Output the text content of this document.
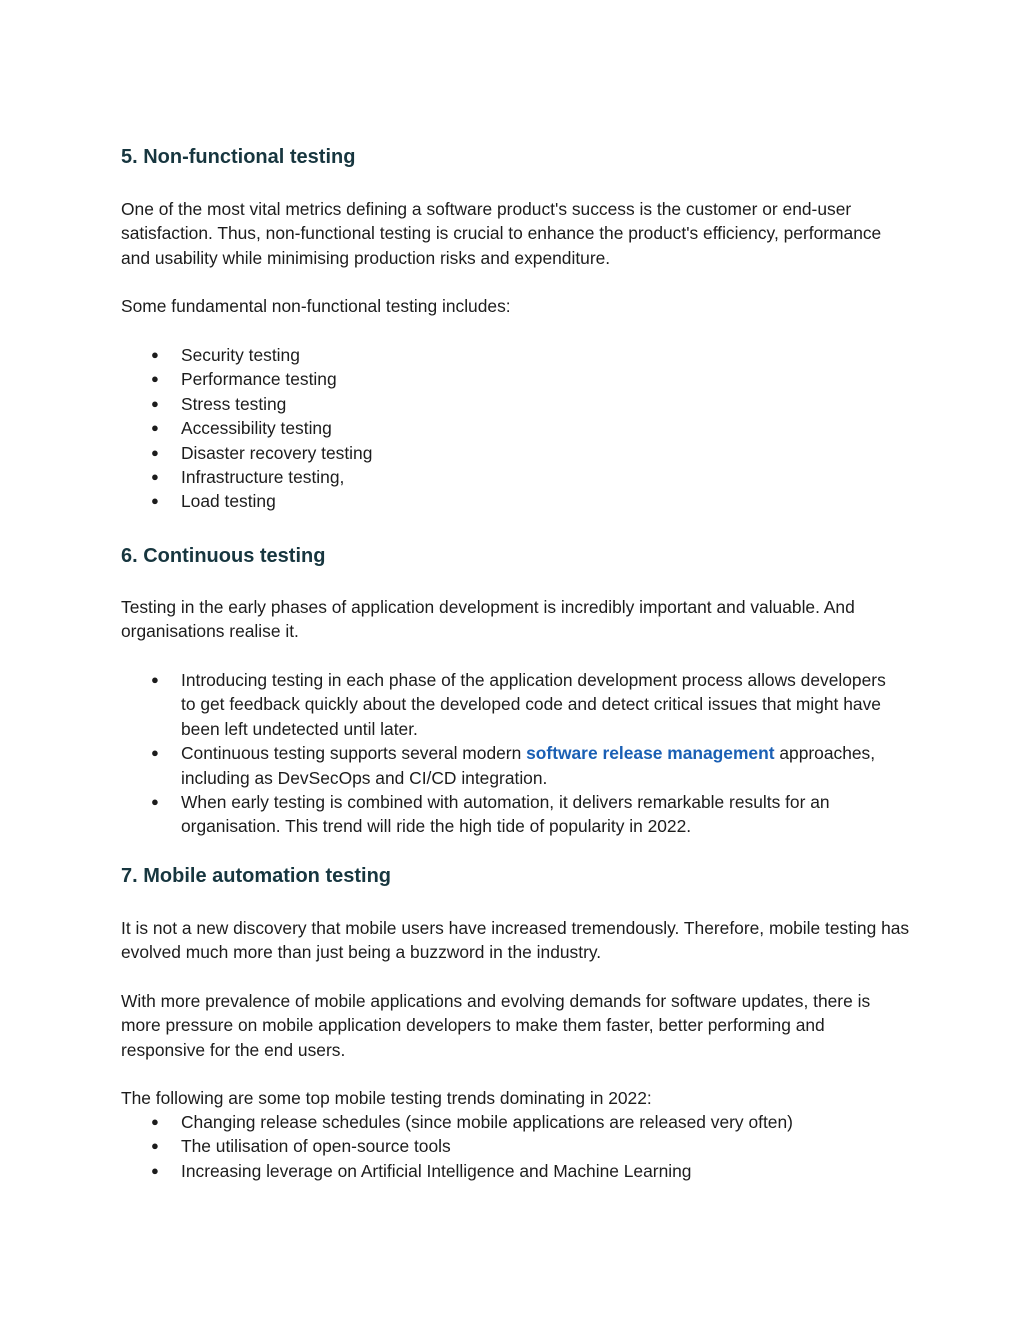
5. Non-functional testing

One of the most vital metrics defining a software product's success is the customer or end-user satisfaction. Thus, non-functional testing is crucial to enhance the product's efficiency, performance and usability while minimising production risks and expenditure.

Some fundamental non-functional testing includes:

● Security testing
● Performance testing
● Stress testing
● Accessibility testing
● Disaster recovery testing
● Infrastructure testing,
● Load testing
6. Continuous testing

Testing in the early phases of application development is incredibly important and valuable. And organisations realise it.

● Introducing testing in each phase of the application development process allows developers to get feedback quickly about the developed code and detect critical issues that might have been left undetected until later.
● Continuous testing supports several modern software release management approaches, including as DevSecOps and CI/CD integration.
● When early testing is combined with automation, it delivers remarkable results for an organisation. This trend will ride the high tide of popularity in 2022.
7. Mobile automation testing

It is not a new discovery that mobile users have increased tremendously. Therefore, mobile testing has evolved much more than just being a buzzword in the industry.

With more prevalence of mobile applications and evolving demands for software updates, there is more pressure on mobile application developers to make them faster, better performing and responsive for the end users.

The following are some top mobile testing trends dominating in 2022:

● Changing release schedules (since mobile applications are released very often)
● The utilisation of open-source tools
● Increasing leverage on Artificial Intelligence and Machine Learning
